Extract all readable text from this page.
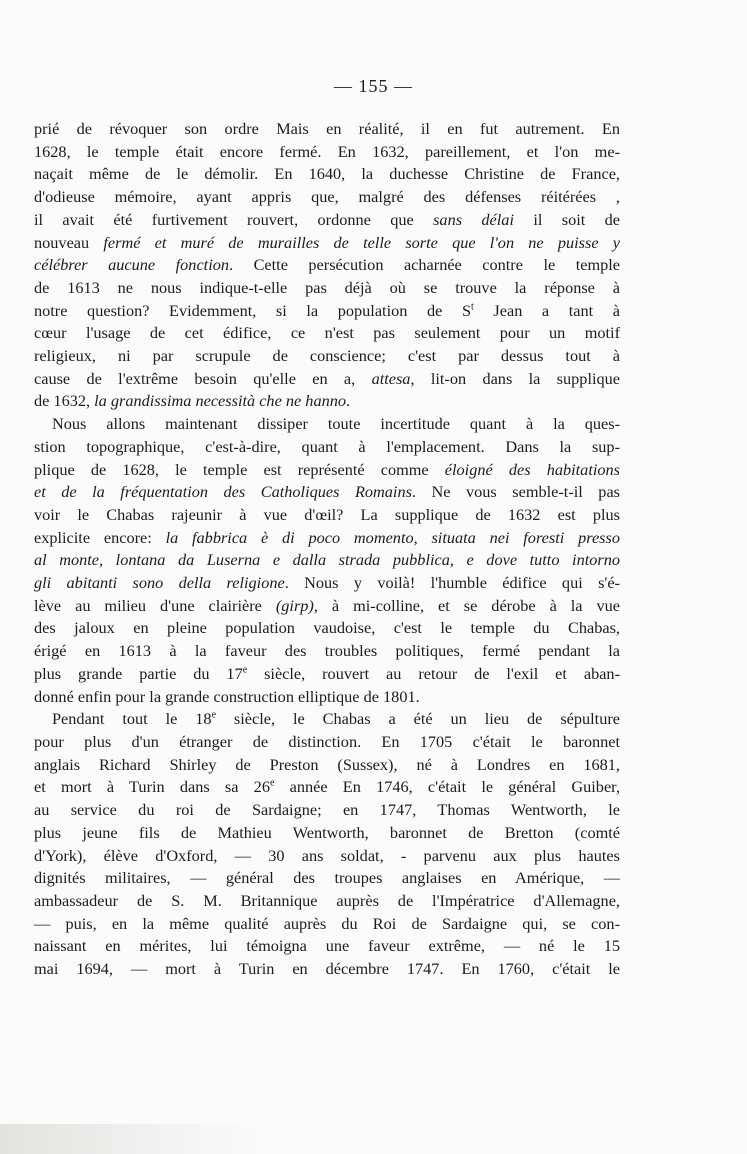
— 155 —
prié de révoquer son ordre Mais en réalité, il en fut autrement. En
1628, le temple était encore fermé. En 1632, pareillement, et l'on me-
naçait même de le démolir. En 1640, la duchesse Christine de France,
d'odieuse mémoire, ayant appris que, malgré des défenses réitérées ,
il avait été furtivement rouvert, ordonne que sans délai il soit de
nouveau fermé et muré de murailles de telle sorte que l'on ne puisse y
célébrer aucune fonction. Cette persécution acharnée contre le temple
de 1613 ne nous indique-t-elle pas déjà où se trouve la réponse à
notre question? Evidemment, si la population de $S^t$ Jean a tant à
cœur l'usage de cet édifice, ce n'est pas seulement pour un motif
religieux, ni par scrupule de conscience; c'est par dessus tout à
cause de l'extrême besoin qu'elle en a, attesa, lit-on dans la supplique
de 1632, la grandissima necessità che ne hanno.
Nous allons maintenant dissiper toute incertitude quant à la ques-
stion topographique, c'est-à-dire, quant à l'emplacement. Dans la sup-
plique de 1628, le temple est représenté comme éloigné des habitations
et de la fréquentation des Catholiques Romains. Ne vous semble-t-il pas
voir le Chabas rajeunir à vue d'œil? La supplique de 1632 est plus
explicite encore: la fabbrica è di poco momento, situata nei foresti presso
al monte, lontana da Luserna e dalla strada pubblica, e dove tutto intorno
gli abitanti sono della religione. Nous y voilà! l'humble édifice qui s'é-
lève au milieu d'une clairière (girp), à mi-colline, et se dérobe à la vue
des jaloux en pleine population vaudoise, c'est le temple du Chabas,
érigé en 1613 à la faveur des troubles politiques, fermé pendant la
plus grande partie du 17e siècle, rouvert au retour de l'exil et aban-
donné enfin pour la grande construction elliptique de 1801.
Pendant tout le 18e siècle, le Chabas a été un lieu de sépulture
pour plus d'un étranger de distinction. En 1705 c'était le baronnet
anglais Richard Shirley de Preston (Sussex), né à Londres en 1681,
et mort à Turin dans sa 26e année En 1746, c'était le général Guiber,
au service du roi de Sardaigne; en 1747, Thomas Wentworth, le
plus jeune fils de Mathieu Wentworth, baronnet de Bretton (comté
d'York), élève d'Oxford, — 30 ans soldat, - parvenu aux plus hautes
dignités militaires, — général des troupes anglaises en Amérique, —
ambassadeur de S. M. Britannique auprès de l'Impératrice d'Allemagne,
— puis, en la même qualité auprès du Roi de Sardaigne qui, se con-
naissant en mérites, lui témoigna une faveur extrême, — né le 15
mai 1694, — mort à Turin en décembre 1747. En 1760, c'était le
